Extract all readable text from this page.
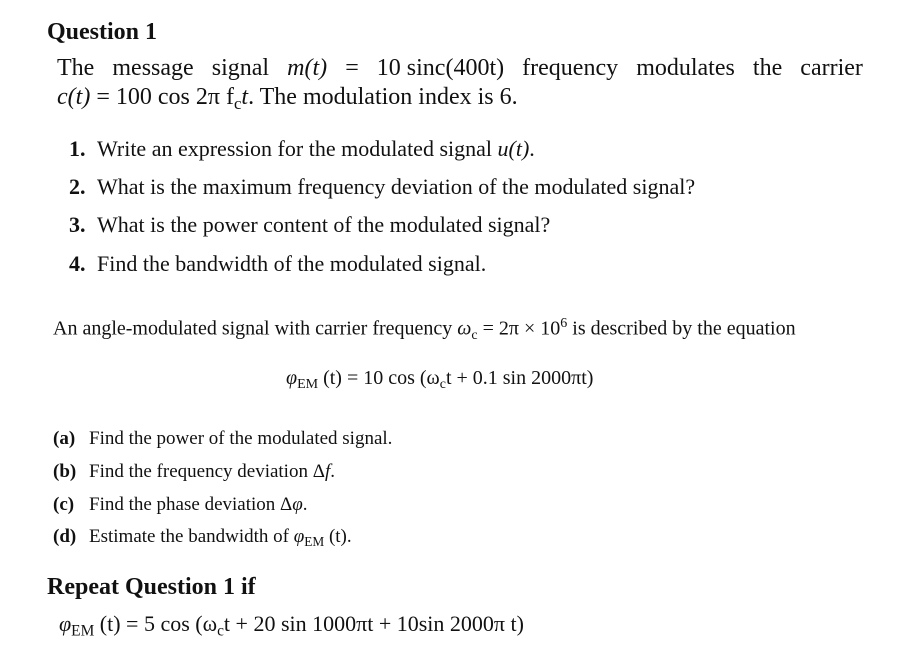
Question 1
The message signal m(t) = 10 sinc(400t) frequency modulates the carrier
c(t) = 100 cos 2π $f_ct$. The modulation index is 6.
1. Write an expression for the modulated signal u(t).
2. What is the maximum frequency deviation of the modulated signal?
3. What is the power content of the modulated signal?
4. Find the bandwidth of the modulated signal.
An angle-modulated signal with carrier frequency $\omega_c = 2\pi \times 10^6$ is described by the equation
$\varphi_{EM}$ (t) = 10 $\cos (\omega_ct + 0.1$ sin 2000πt)
(a) Find the power of the modulated signal.
(b) Find the frequency deviation Δf.
(c) Find the phase deviation Δφ.
(d) Estimate the bandwidth of $\varphi_{EM}$ (t).
Repeat Question 1 if
$\varphi_{EM}$ (t) = 5 $\cos (\omega_ct + 20$ sin 1000πt + 10sin 2000π t)
